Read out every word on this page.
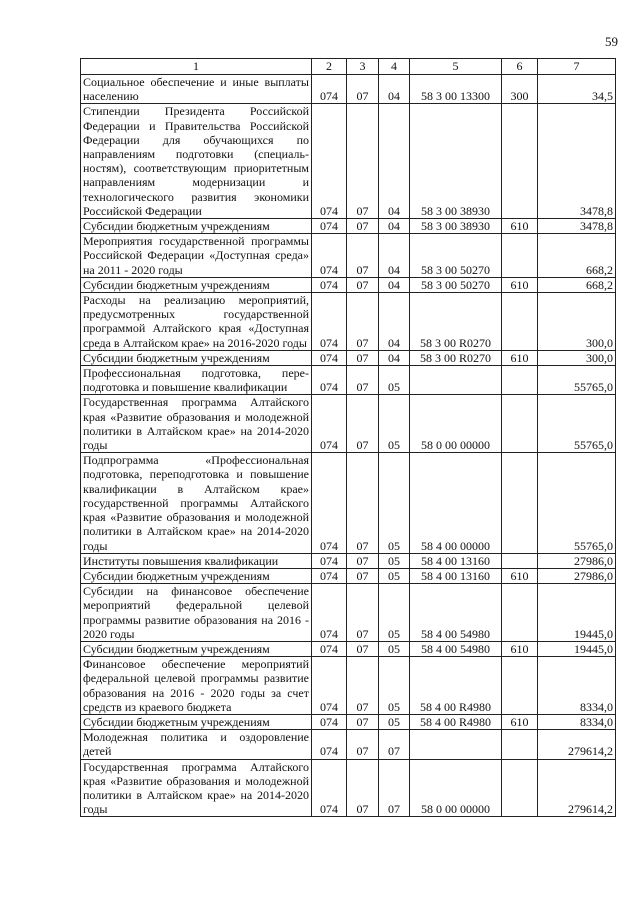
59
1	2	3	4	5	6	7
Социальное обеспечение и иные выплаты населению	074	07	04	58 3 00 13300	300	34,5
Стипендии Президента Российской Федерации и Правительства Российской Федерации для обучающихся по направлениям подготовки (специальностям), соответствующим приоритетным направлениям модернизации и технологического развития экономики Российской Федерации	074	07	04	58 3 00 38930		3478,8
Субсидии бюджетным учреждениям	074	07	04	58 3 00 38930	610	3478,8
Мероприятия государственной программы Российской Федерации «Доступная среда» на 2011 - 2020 годы	074	07	04	58 3 00 50270		668,2
Субсидии бюджетным учреждениям	074	07	04	58 3 00 50270	610	668,2
Расходы на реализацию мероприятий, предусмотренных государственной программой Алтайского края «Доступная среда в Алтайском крае» на 2016-2020 годы	074	07	04	58 3 00 R0270		300,0
Субсидии бюджетным учреждениям	074	07	04	58 3 00 R0270	610	300,0
Профессиональная подготовка, переподготовка и повышение квалификации	074	07	05			55765,0
Государственная программа Алтайского края «Развитие образования и молодежной политики в Алтайском крае» на 2014-2020 годы	074	07	05	58 0 00 00000		55765,0
Подпрограмма «Профессиональная подготовка, переподготовка и повышение квалификации в Алтайском крае» государственной программы Алтайского края «Развитие образования и молодежной политики в Алтайском крае» на 2014-2020 годы	074	07	05	58 4 00 00000		55765,0
Институты повышения квалификации	074	07	05	58 4 00 13160		27986,0
Субсидии бюджетным учреждениям	074	07	05	58 4 00 13160	610	27986,0
Субсидии на финансовое обеспечение мероприятий федеральной целевой программы развитие образования на 2016 - 2020 годы	074	07	05	58 4 00 54980		19445,0
Субсидии бюджетным учреждениям	074	07	05	58 4 00 54980	610	19445,0
Финансовое обеспечение мероприятий федеральной целевой программы развитие образования на 2016 - 2020 годы за счет средств из краевого бюджета	074	07	05	58 4 00 R4980		8334,0
Субсидии бюджетным учреждениям	074	07	05	58 4 00 R4980	610	8334,0
Молодежная политика и оздоровление детей	074	07	07			279614,2
Государственная программа Алтайского края «Развитие образования и молодежной политики в Алтайском крае» на 2014-2020 годы	074	07	07	58 0 00 00000		279614,2
